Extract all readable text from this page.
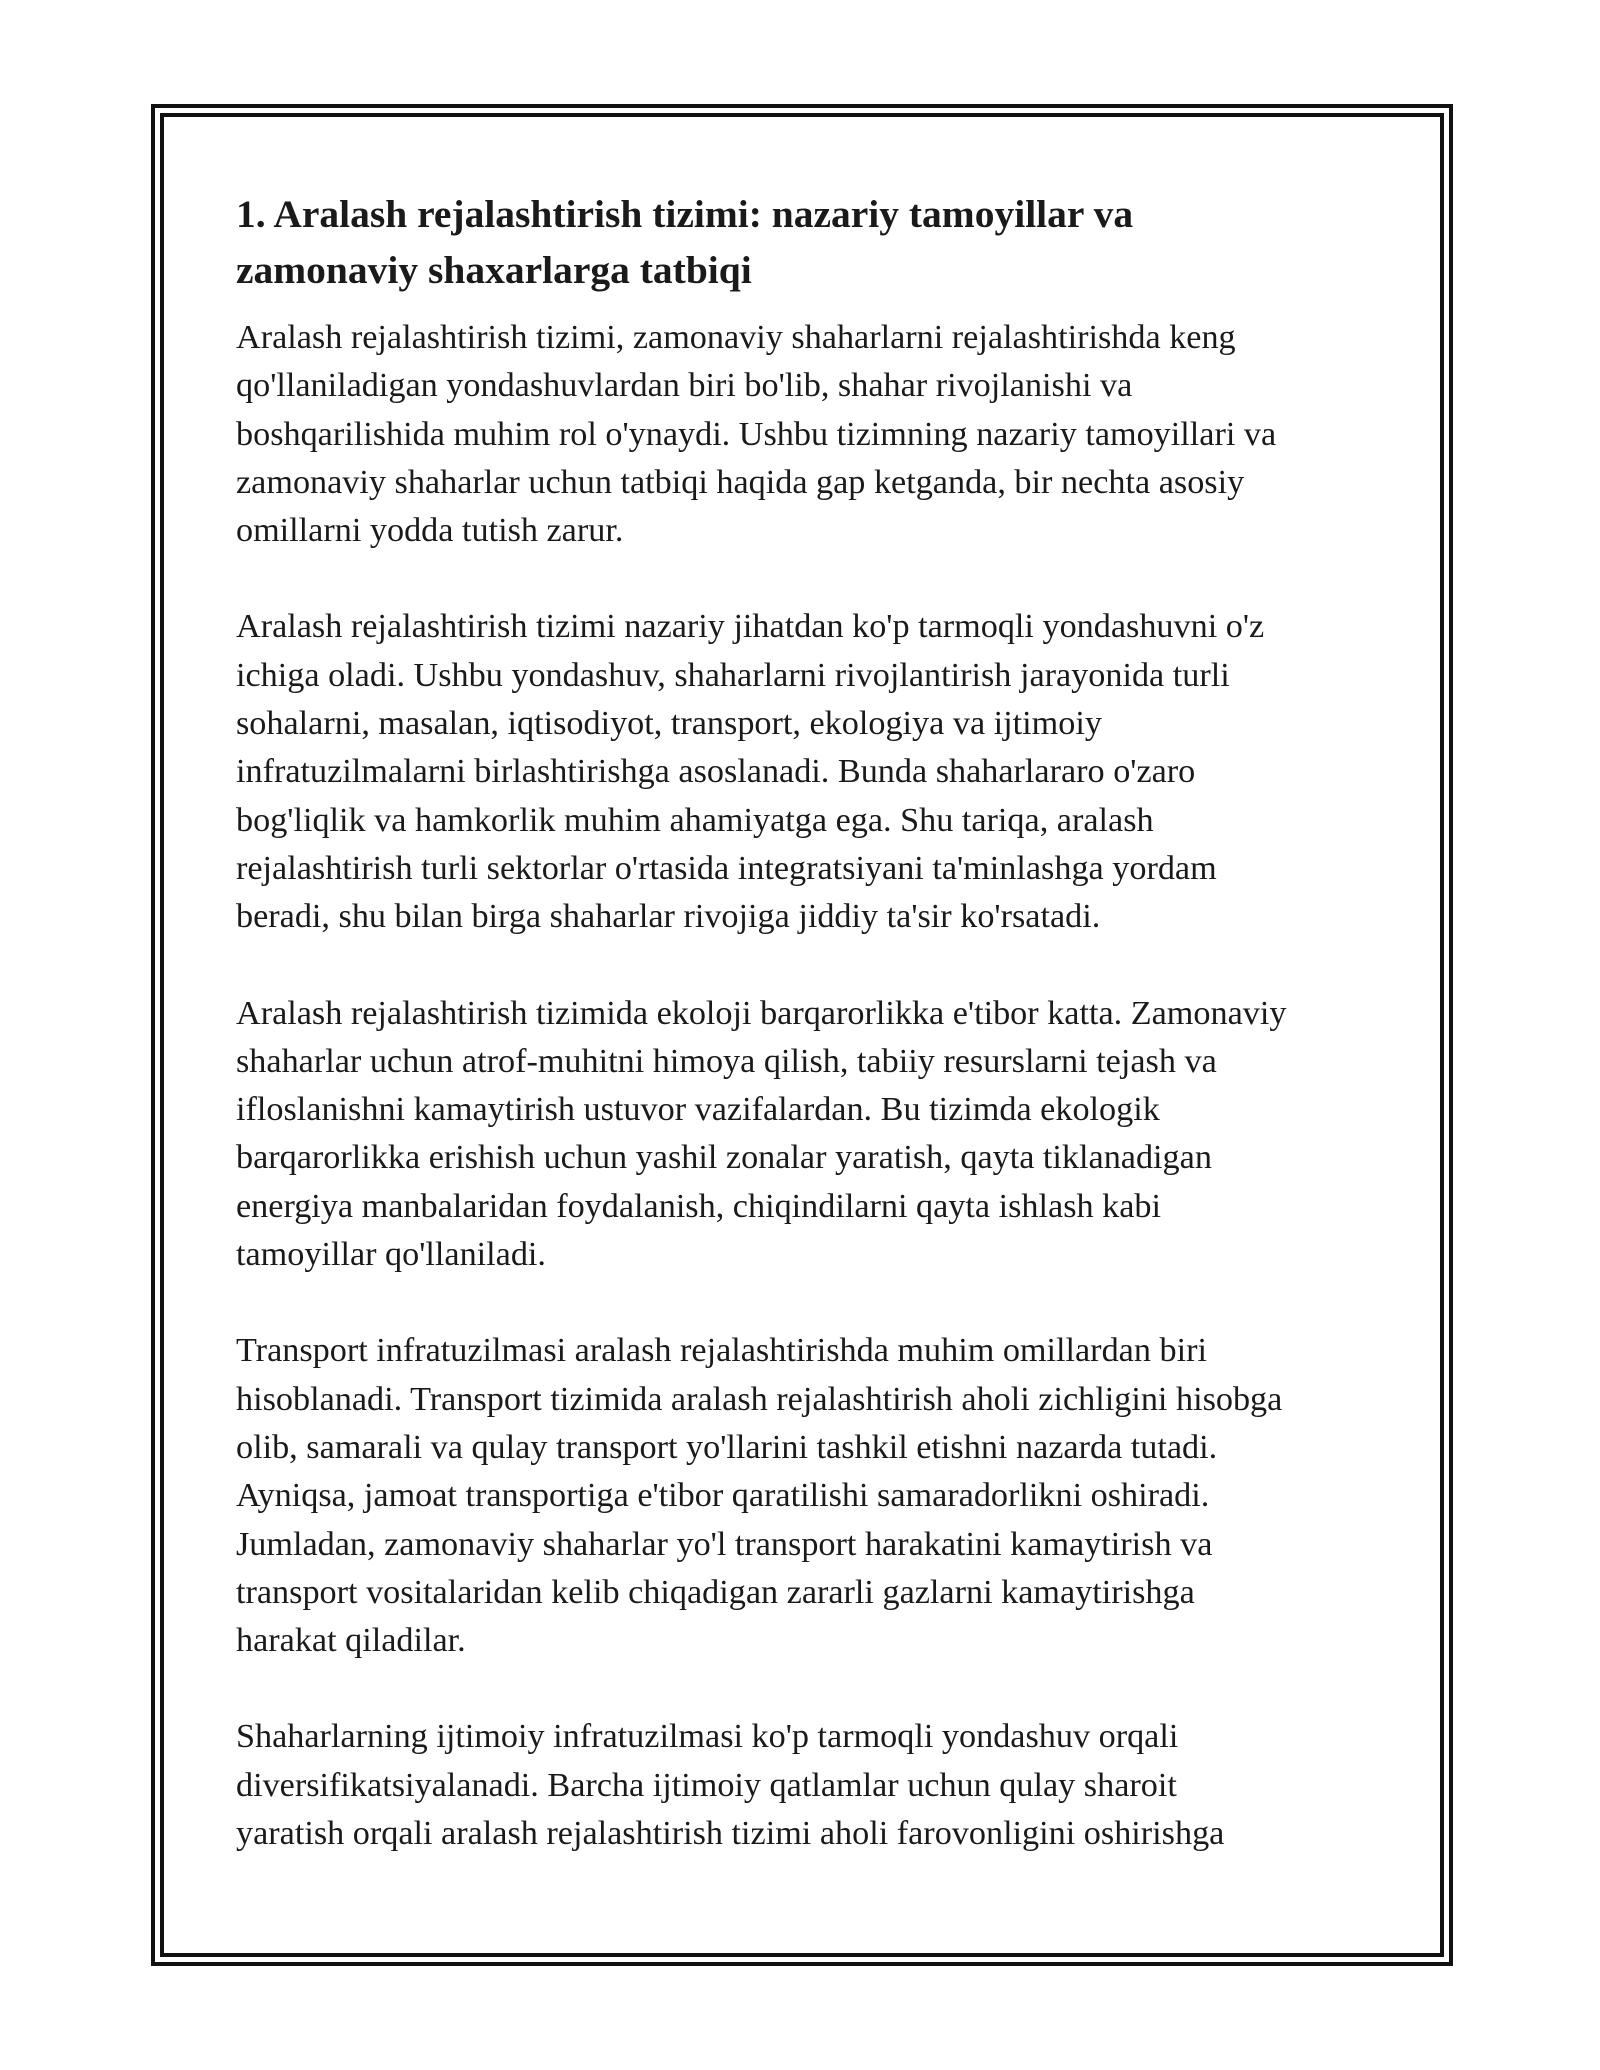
1. Aralash rejalashtirish tizimi: nazariy tamoyillar va
zamonaviy shaxarlarga tatbiqi

Aralash rejalashtirish tizimi, zamonaviy shaharlarni rejalashtirishda keng
qo'llaniladigan yondashuvlardan biri bo'lib, shahar rivojlanishi va
boshqarilishida muhim rol o'ynaydi. Ushbu tizimning nazariy tamoyillari va
zamonaviy shaharlar uchun tatbiqi haqida gap ketganda, bir nechta asosiy
omillarni yodda tutish zarur.

Aralash rejalashtirish tizimi nazariy jihatdan ko'p tarmoqli yondashuvni o'z
ichiga oladi. Ushbu yondashuv, shaharlarni rivojlantirish jarayonida turli
sohalarni, masalan, iqtisodiyot, transport, ekologiya va ijtimoiy
infratuzilmalarni birlashtirishga asoslanadi. Bunda shaharlararo o'zaro
bog'liqlik va hamkorlik muhim ahamiyatga ega. Shu tariqa, aralash
rejalashtirish turli sektorlar o'rtasida integratsiyani ta'minlashga yordam
beradi, shu bilan birga shaharlar rivojiga jiddiy ta'sir ko'rsatadi.

Aralash rejalashtirish tizimida ekoloji barqarorlikka e'tibor katta. Zamonaviy
shaharlar uchun atrof-muhitni himoya qilish, tabiiy resurslarni tejash va
ifloslanishni kamaytirish ustuvor vazifalardan. Bu tizimda ekologik
barqarorlikka erishish uchun yashil zonalar yaratish, qayta tiklanadigan
energiya manbalaridan foydalanish, chiqindilarni qayta ishlash kabi
tamoyillar qo'llaniladi.

Transport infratuzilmasi aralash rejalashtirishda muhim omillardan biri
hisoblanadi. Transport tizimida aralash rejalashtirish aholi zichligini hisobga
olib, samarali va qulay transport yo'llarini tashkil etishni nazarda tutadi.
Ayniqsa, jamoat transportiga e'tibor qaratilishi samaradorlikni oshiradi.
Jumladan, zamonaviy shaharlar yo'l transport harakatini kamaytirish va
transport vositalaridan kelib chiqadigan zararli gazlarni kamaytirishga
harakat qiladilar.

Shaharlarning ijtimoiy infratuzilmasi ko'p tarmoqli yondashuv orqali
diversifikatsiyalanadi. Barcha ijtimoiy qatlamlar uchun qulay sharoit
yaratish orqali aralash rejalashtirish tizimi aholi farovonligini oshirishga
